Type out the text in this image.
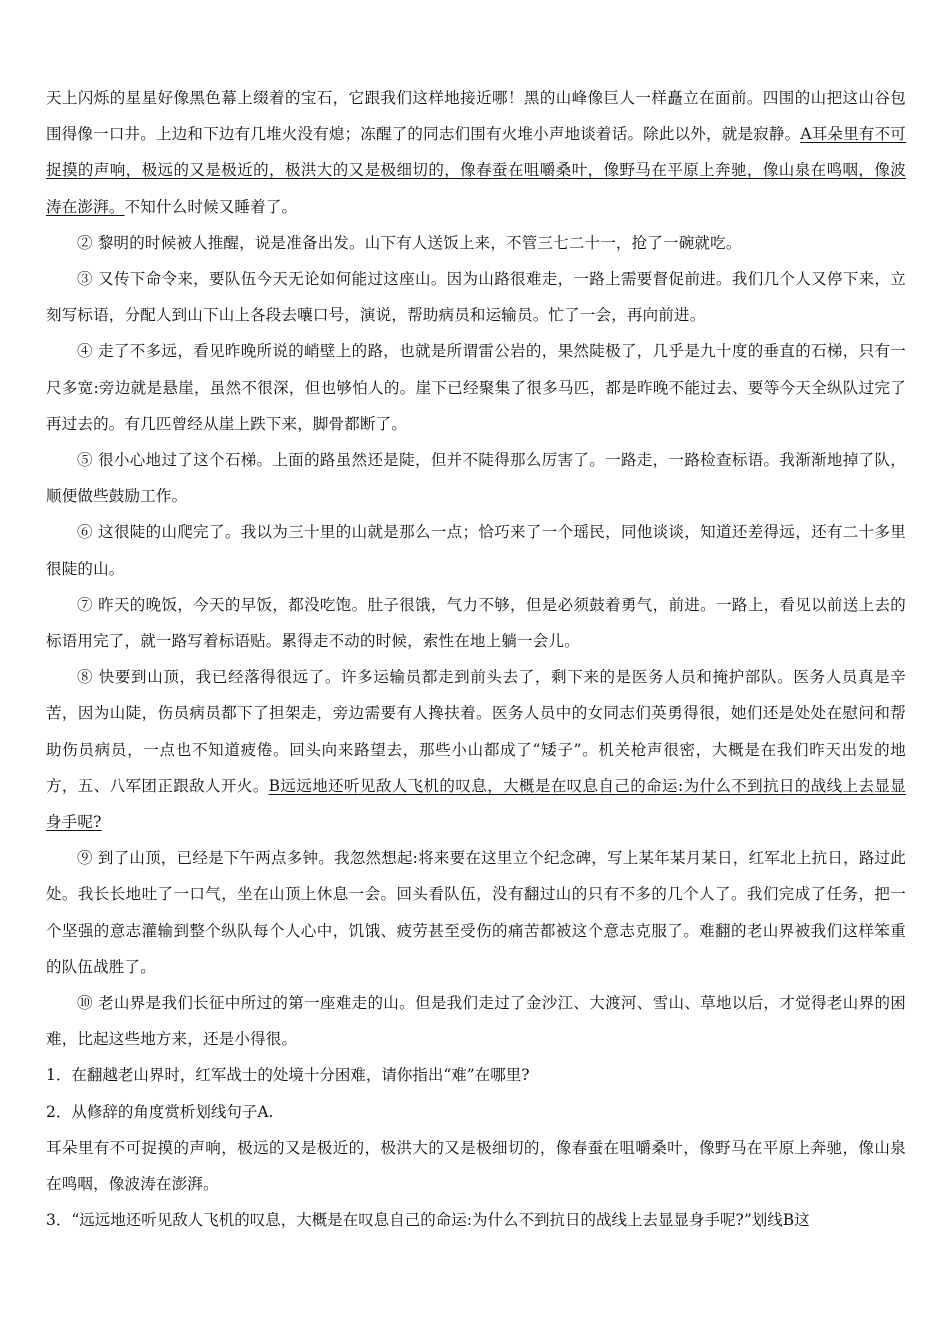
天上闪烁的星星好像黑色幕上缀着的宝石，它跟我们这样地接近哪！黑的山峰像巨人一样矗立在面前。四围的山把这山谷包围得像一口井。上边和下边有几堆火没有熄；冻醒了的同志们围有火堆小声地谈着话。除此以外，就是寂静。A耳朵里有不可捉摸的声响，极远的又是极近的，极洪大的又是极细切的，像春蚕在咀嚼桑叶，像野马在平原上奔驰，像山泉在鸣咽，像波涛在澎湃。不知什么时候又睡着了。

② 黎明的时候被人推醒，说是准备出发。山下有人送饭上来，不管三七二十一，抢了一碗就吃。

③ 又传下命令来，要队伍今天无论如何能过这座山。因为山路很难走，一路上需要督促前进。我们几个人又停下来，立刻写标语，分配人到山下山上各段去嚷口号，演说，帮助病员和运输员。忙了一会，再向前进。

④ 走了不多远，看见昨晚所说的峭壁上的路，也就是所谓雷公岩的，果然陡极了，几乎是九十度的垂直的石梯，只有一尺多宽:旁边就是悬崖，虽然不很深，但也够怕人的。崖下已经聚集了很多马匹，都是昨晚不能过去、要等今天全纵队过完了再过去的。有几匹曾经从崖上跌下来，脚骨都断了。

⑤ 很小心地过了这个石梯。上面的路虽然还是陡，但并不陡得那么厉害了。一路走，一路检查标语。我渐渐地掉了队，顺便做些鼓励工作。

⑥ 这很陡的山爬完了。我以为三十里的山就是那么一点；恰巧来了一个瑶民，同他谈谈，知道还差得远，还有二十多里很陡的山。

⑦ 昨天的晚饭，今天的早饭，都没吃饱。肚子很饿，气力不够，但是必须鼓着勇气，前进。一路上，看见以前送上去的标语用完了，就一路写着标语贴。累得走不动的时候，索性在地上躺一会儿。

⑧ 快要到山顶，我已经落得很远了。许多运输员都走到前头去了，剩下来的是医务人员和掩护部队。医务人员真是辛苦，因为山陡，伤员病员都下了担架走，旁边需要有人搀扶着。医务人员中的女同志们英勇得很，她们还是处处在慰问和帮助伤员病员，一点也不知道疲倦。回头向来路望去，那些小山都成了“矮子”。机关枪声很密，大概是在我们昨天出发的地方，五、八军团正跟敌人开火。B远远地还听见敌人飞机的叹息，大概是在叹息自己的命运:为什么不到抗日的战线上去显显身手呢?

⑨ 到了山顶，已经是下午两点多钟。我忽然想起:将来要在这里立个纪念碑，写上某年某月某日，红军北上抗日，路过此处。我长长地吐了一口气，坐在山顶上休息一会。回头看队伍，没有翻过山的只有不多的几个人了。我们完成了任务，把一个坚强的意志灌输到整个纵队每个人心中，饥饿、疲劳甚至受伤的痛苦都被这个意志克服了。难翻的老山界被我们这样笨重的队伍战胜了。

⑩ 老山界是我们长征中所过的第一座难走的山。但是我们走过了金沙江、大渡河、雪山、草地以后，才觉得老山界的困难，比起这些地方来，还是小得很。

1．在翻越老山界时，红军战士的处境十分困难，请你指出“难”在哪里?

2．从修辞的角度赏析划线句子A.

耳朵里有不可捉摸的声响，极远的又是极近的，极洪大的又是极细切的，像春蚕在咀嚼桑叶，像野马在平原上奔驰，像山泉在鸣咽，像波涛在澎湃。

3．“远远地还听见敌人飞机的叹息，大概是在叹息自己的命运:为什么不到抗日的战线上去显显身手呢?”划线B这
